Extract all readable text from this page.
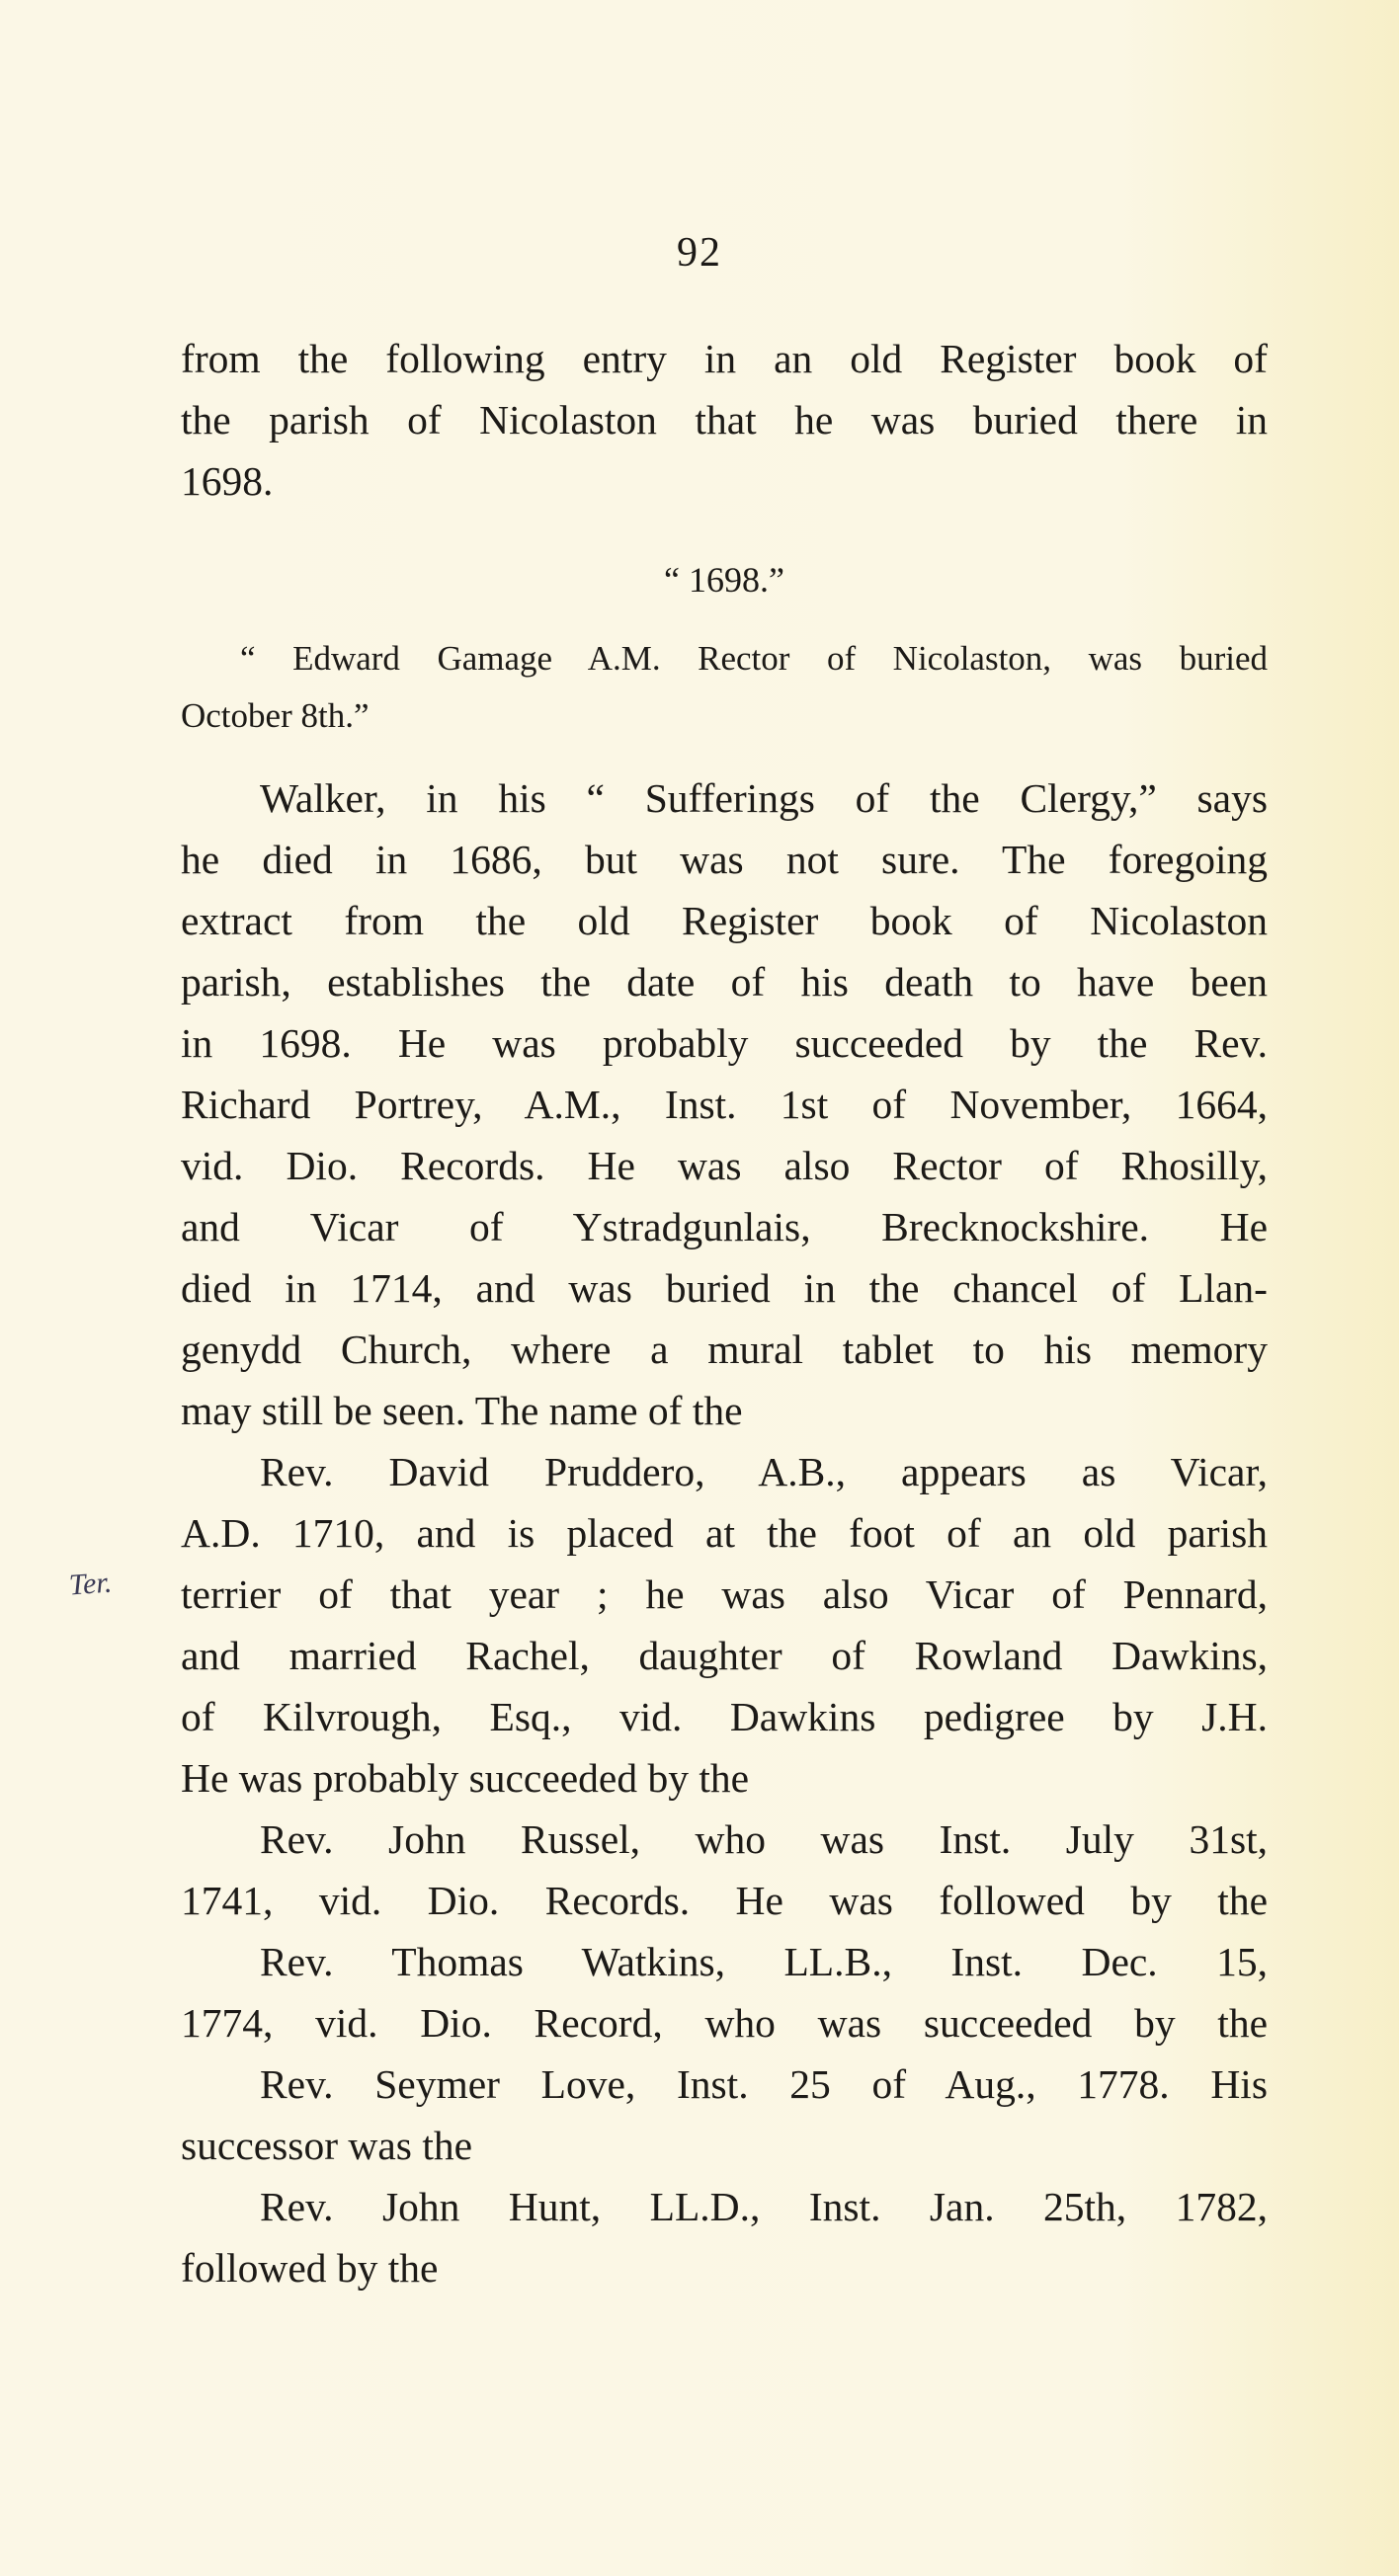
92
Ter.
from the following entry in an old Register book of
the parish of Nicolaston that he was buried there in
1698.
“ 1698.”
“ Edward Gamage A.M. Rector of Nicolaston, was buried
October 8th.”
Walker, in his “ Sufferings of the Clergy,” says
he died in 1686, but was not sure. The foregoing
extract from the old Register book of Nicolaston
parish, establishes the date of his death to have been
in 1698. He was probably succeeded by the Rev.
Richard Portrey, A.M., Inst. 1st of November, 1664,
vid. Dio. Records. He was also Rector of Rhosilly,
and Vicar of Ystradgunlais, Brecknockshire. He
died in 1714, and was buried in the chancel of Llan-
genydd Church, where a mural tablet to his memory
may still be seen. The name of the
Rev. David Pruddero, A.B., appears as Vicar,
A.D. 1710, and is placed at the foot of an old parish
terrier of that year ; he was also Vicar of Pennard,
and married Rachel, daughter of Rowland Dawkins,
of Kilvrough, Esq., vid. Dawkins pedigree by J.H.
He was probably succeeded by the
Rev. John Russel, who was Inst. July 31st,
1741, vid. Dio. Records. He was followed by the
Rev. Thomas Watkins, LL.B., Inst. Dec. 15,
1774, vid. Dio. Record, who was succeeded by the
Rev. Seymer Love, Inst. 25 of Aug., 1778. His
successor was the
Rev. John Hunt, LL.D., Inst. Jan. 25th, 1782,
followed by the
